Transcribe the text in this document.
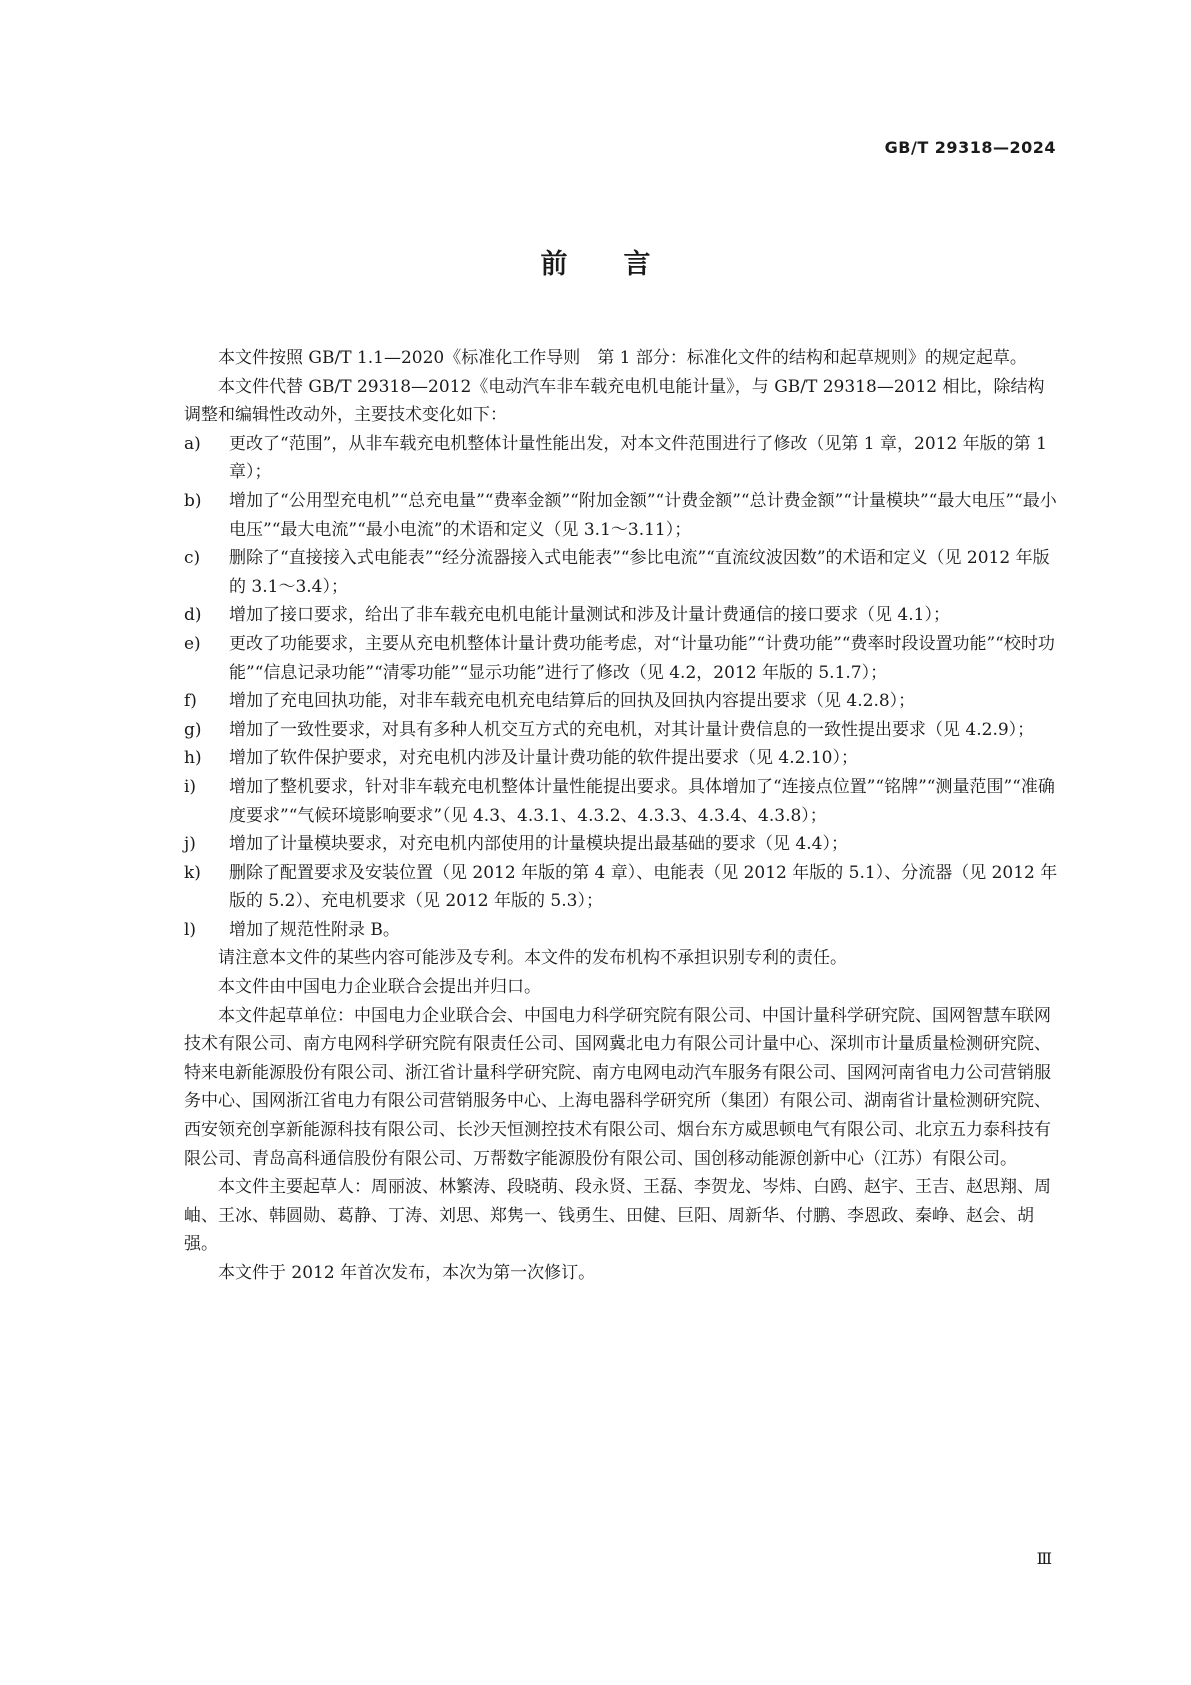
GB/T 29318—2024
前言

本文件按照 GB/T 1.1—2020《标准化工作导则　第 1 部分：标准化文件的结构和起草规则》的规定起草。

本文件代替 GB/T 29318—2012《电动汽车非车载充电机电能计量》，与 GB/T 29318—2012 相比，除结构调整和编辑性改动外，主要技术变化如下：

a) 更改了“范围”，从非车载充电机整体计量性能出发，对本文件范围进行了修改（见第 1 章，2012 年版的第 1 章）；
b) 增加了“公用型充电机”“总充电量”“费率金额”“附加金额”“计费金额”“总计费金额”“计量模块”“最大电压”“最小电压”“最大电流”“最小电流”的术语和定义（见 3.1～3.11）；
c) 删除了“直接接入式电能表”“经分流器接入式电能表”“参比电流”“直流纹波因数”的术语和定义（见 2012 年版的 3.1～3.4）；
d) 增加了接口要求，给出了非车载充电机电能计量测试和涉及计量计费通信的接口要求（见 4.1）；
e) 更改了功能要求，主要从充电机整体计量计费功能考虑，对“计量功能”“计费功能”“费率时段设置功能”“校时功能”“信息记录功能”“清零功能”“显示功能”进行了修改（见 4.2，2012 年版的 5.1.7）；
f) 增加了充电回执功能，对非车载充电机充电结算后的回执及回执内容提出要求（见 4.2.8）；
g) 增加了一致性要求，对具有多种人机交互方式的充电机，对其计量计费信息的一致性提出要求（见 4.2.9）；
h) 增加了软件保护要求，对充电机内涉及计量计费功能的软件提出要求（见 4.2.10）；
i) 增加了整机要求，针对非车载充电机整体计量性能提出要求。具体增加了“连接点位置”“铭牌”“测量范围”“准确度要求”“气候环境影响要求”（见 4.3、4.3.1、4.3.2、4.3.3、4.3.4、4.3.8）；
j) 增加了计量模块要求，对充电机内部使用的计量模块提出最基础的要求（见 4.4）；
k) 删除了配置要求及安装位置（见 2012 年版的第 4 章）、电能表（见 2012 年版的 5.1）、分流器（见 2012 年版的 5.2）、充电机要求（见 2012 年版的 5.3）；
l) 增加了规范性附录 B。

请注意本文件的某些内容可能涉及专利。本文件的发布机构不承担识别专利的责任。

本文件由中国电力企业联合会提出并归口。

本文件起草单位：中国电力企业联合会、中国电力科学研究院有限公司、中国计量科学研究院、国网智慧车联网技术有限公司、南方电网科学研究院有限责任公司、国网冀北电力有限公司计量中心、深圳市计量质量检测研究院、特来电新能源股份有限公司、浙江省计量科学研究院、南方电网电动汽车服务有限公司、国网河南省电力公司营销服务中心、国网浙江省电力有限公司营销服务中心、上海电器科学研究所（集团）有限公司、湖南省计量检测研究院、西安领充创享新能源科技有限公司、长沙天恒测控技术有限公司、烟台东方威思顿电气有限公司、北京五力泰科技有限公司、青岛高科通信股份有限公司、万帮数字能源股份有限公司、国创移动能源创新中心（江苏）有限公司。

本文件主要起草人：周丽波、林繁涛、段晓萌、段永贤、王磊、李贺龙、岑炜、白鸥、赵宇、王吉、赵思翔、周岫、王冰、韩圆勋、葛静、丁涛、刘思、郑隽一、钱勇生、田健、巨阳、周新华、付鹏、李恩政、秦峥、赵会、胡强。

本文件于 2012 年首次发布，本次为第一次修订。

Ⅲ
